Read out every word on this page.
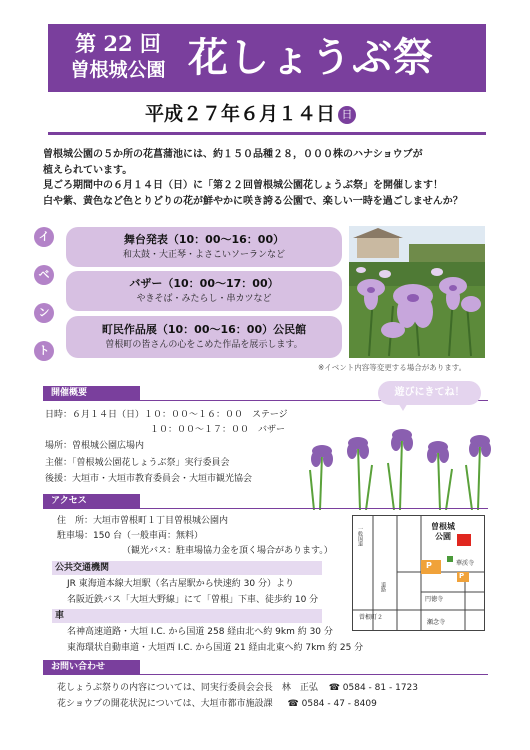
第 22 回
曽根城公園 花しょうぶ祭
平成２７年６月１４日 日
曽根城公園の５か所の花菖蒲池には、約１５０品種２８，０００株のハナショウブが
植えられています。
見ごろ期間中の６月１４日（日）に「第２２回曽根城公園花しょうぶ祭」を開催します！
白や紫、黄色など色とりどりの花が鮮やかに咲き誇る公園で、楽しい一時を過ごしませんか？
イ
ベ
ン
ト
舞台発表（10：00～16：00）
和太鼓・大正琴・よさこいソーランなど
バザー（10：00～17：00）
やきそば・みたらし・串カツなど
町民作品展（10：00～16：00）公民館
曽根町の皆さんの心をこめた作品を展示します。
※イベント内容等変更する場合があります。
開催概要	遊びにきてね！
日時：６月１４日（日）１０：００～１６：００　ステージ
１０：００～１７：００　バザー
場所：曽根城公園広場内
主催：「曽根城公園花しょうぶ祭」実行委員会
後援：大垣市・大垣市教育委員会・大垣市観光協会
アクセス
住　所：大垣市曽根町１丁目曽根城公園内
駐車場：150 台（一般車両：無料）
（観光バス：駐車場協力金を頂く場合があります。）
公共交通機関
JR 東海道本線大垣駅（名古屋駅から快速約 30 分）より
名阪近鉄バス「大垣大野線」にて「曽根」下車、徒歩約 10 分
車
名神高速道路・大垣 I.C. から国道 258 経由北へ約 9km 約 30 分
東海環状自動車道・大垣西 I.C. から国道 21 経由北東へ約 7km 約 25 分
曽根城
公園
P
P
華渓寺
円徳寺
瀬念寺
曽根町２
一般国道
道路
お問い合わせ
花しょうぶ祭りの内容については、同実行委員会会長　林　正弘 ☎ 0584 - 81 - 1723
花ショウブの開花状況については、大垣市都市施設課 ☎ 0584 - 47 - 8409
